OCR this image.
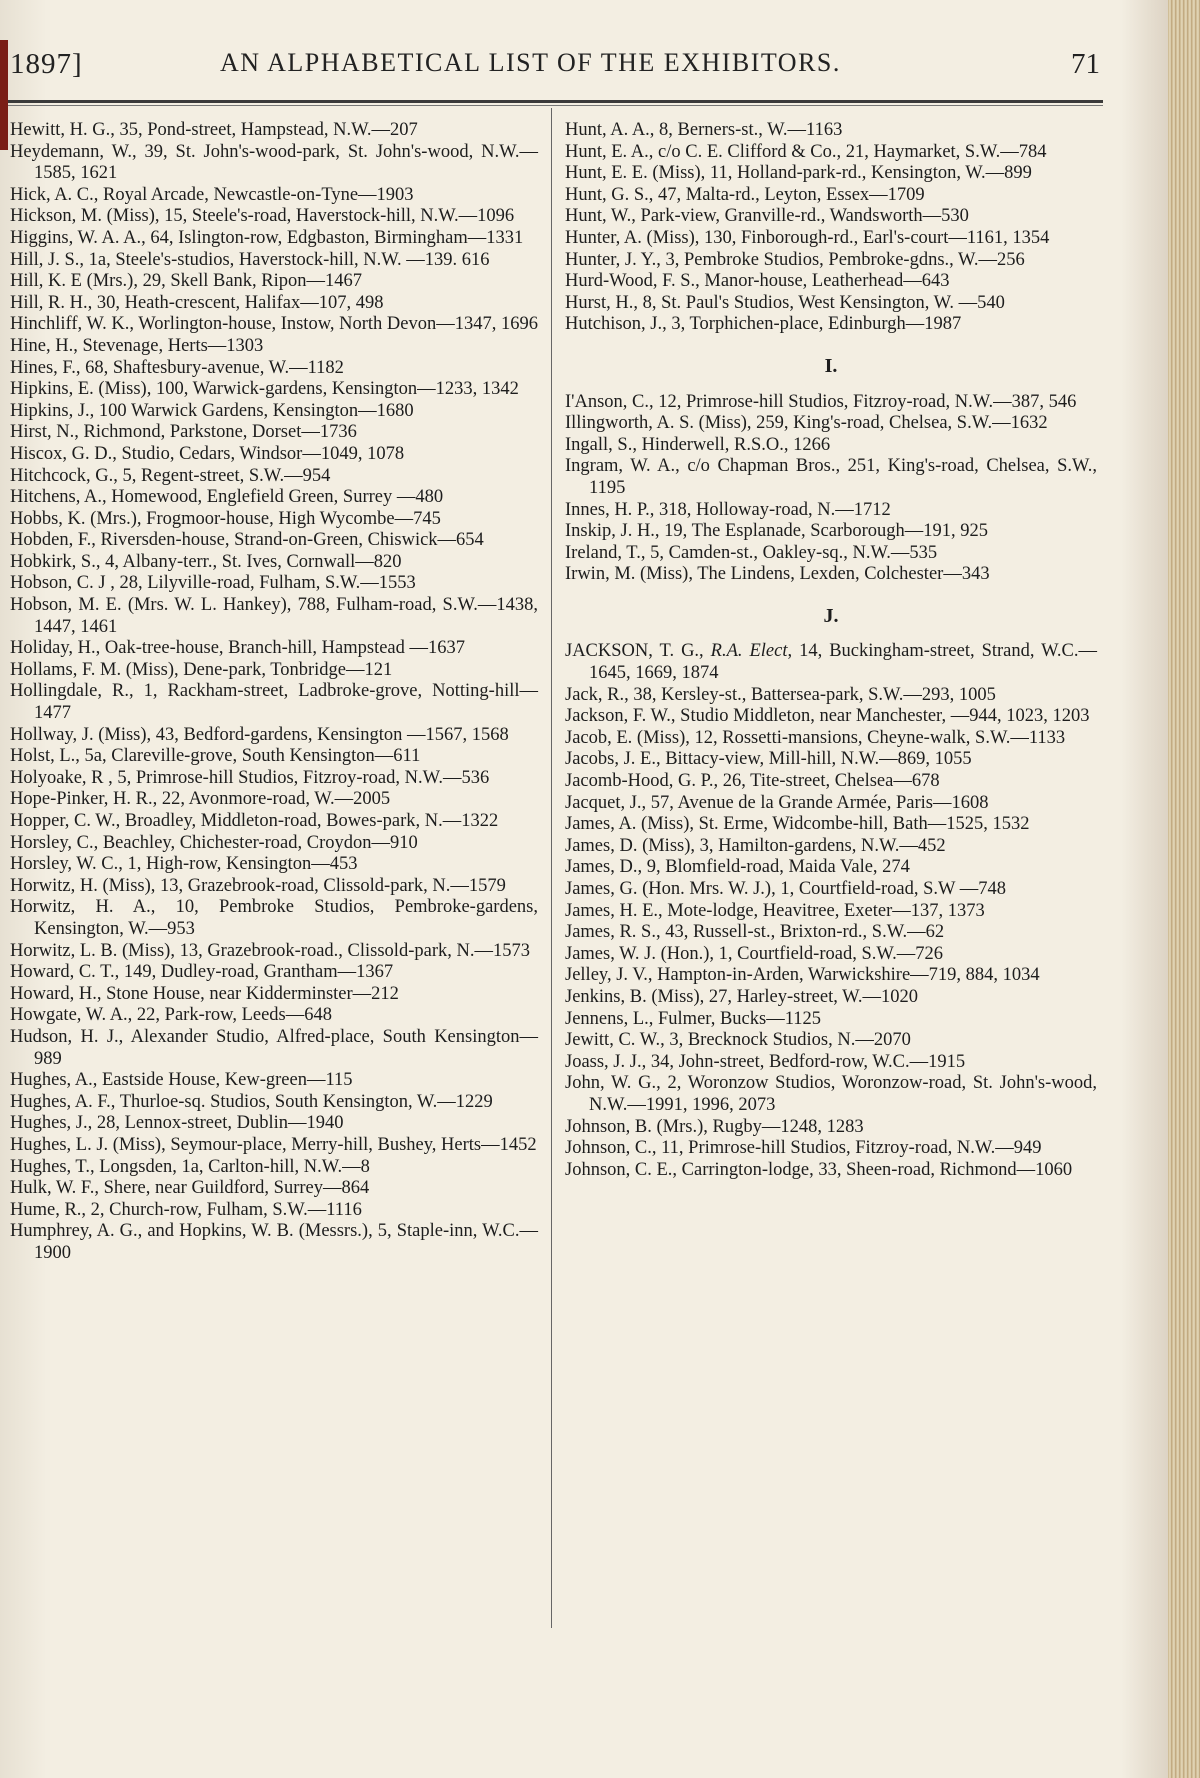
1897]	AN ALPHABETICAL LIST OF THE EXHIBITORS.	71

Hewitt, H. G., 35, Pond-street, Hampstead, N.W.—207

Heydemann, W., 39, St. John's-wood-park, St. John's-wood, N.W.—1585, 1621

Hick, A. C., Royal Arcade, Newcastle-on-Tyne—1903

Hickson, M. (Miss), 15, Steele's-road, Haverstock-hill, N.W.—1096

Higgins, W. A. A., 64, Islington-row, Edgbaston, Birmingham—1331

Hill, J. S., 1a, Steele's-studios, Haverstock-hill, N.W. —139. 616

Hill, K. E (Mrs.), 29, Skell Bank, Ripon—1467

Hill, R. H., 30, Heath-crescent, Halifax—107, 498

Hinchliff, W. K., Worlington-house, Instow, North Devon—1347, 1696

Hine, H., Stevenage, Herts—1303

Hines, F., 68, Shaftesbury-avenue, W.—1182

Hipkins, E. (Miss), 100, Warwick-gardens, Kensington—1233, 1342

Hipkins, J., 100 Warwick Gardens, Kensington—1680

Hirst, N., Richmond, Parkstone, Dorset—1736

Hiscox, G. D., Studio, Cedars, Windsor—1049, 1078

Hitchcock, G., 5, Regent-street, S.W.—954

Hitchens, A., Homewood, Englefield Green, Surrey —480

Hobbs, K. (Mrs.), Frogmoor-house, High Wycombe—745

Hobden, F., Riversden-house, Strand-on-Green, Chiswick—654

Hobkirk, S., 4, Albany-terr., St. Ives, Cornwall—820

Hobson, C. J , 28, Lilyville-road, Fulham, S.W.—1553

Hobson, M. E. (Mrs. W. L. Hankey), 788, Fulham-road, S.W.—1438, 1447, 1461

Holiday, H., Oak-tree-house, Branch-hill, Hampstead —1637

Hollams, F. M. (Miss), Dene-park, Tonbridge—121

Hollingdale, R., 1, Rackham-street, Ladbroke-grove, Notting-hill—1477

Hollway, J. (Miss), 43, Bedford-gardens, Kensington —1567, 1568

Holst, L., 5a, Clareville-grove, South Kensington—611

Holyoake, R , 5, Primrose-hill Studios, Fitzroy-road, N.W.—536

Hope-Pinker, H. R., 22, Avonmore-road, W.—2005

Hopper, C. W., Broadley, Middleton-road, Bowes-park, N.—1322

Horsley, C., Beachley, Chichester-road, Croydon—910

Horsley, W. C., 1, High-row, Kensington—453

Horwitz, H. (Miss), 13, Grazebrook-road, Clissold-park, N.—1579

Horwitz, H. A., 10, Pembroke Studios, Pembroke-gardens, Kensington, W.—953

Horwitz, L. B. (Miss), 13, Grazebrook-road., Clissold-park, N.—1573

Howard, C. T., 149, Dudley-road, Grantham—1367

Howard, H., Stone House, near Kidderminster—212

Howgate, W. A., 22, Park-row, Leeds—648

Hudson, H. J., Alexander Studio, Alfred-place, South Kensington—989

Hughes, A., Eastside House, Kew-green—115

Hughes, A. F., Thurloe-sq. Studios, South Kensington, W.—1229

Hughes, J., 28, Lennox-street, Dublin—1940

Hughes, L. J. (Miss), Seymour-place, Merry-hill, Bushey, Herts—1452

Hughes, T., Longsden, 1a, Carlton-hill, N.W.—8

Hulk, W. F., Shere, near Guildford, Surrey—864

Hume, R., 2, Church-row, Fulham, S.W.—1116

Humphrey, A. G., and Hopkins, W. B. (Messrs.), 5, Staple-inn, W.C.—1900

Hunt, A. A., 8, Berners-st., W.—1163

Hunt, E. A., c/o C. E. Clifford & Co., 21, Haymarket, S.W.—784

Hunt, E. E. (Miss), 11, Holland-park-rd., Kensington, W.—899

Hunt, G. S., 47, Malta-rd., Leyton, Essex—1709

Hunt, W., Park-view, Granville-rd., Wandsworth—530

Hunter, A. (Miss), 130, Finborough-rd., Earl's-court—1161, 1354

Hunter, J. Y., 3, Pembroke Studios, Pembroke-gdns., W.—256

Hurd-Wood, F. S., Manor-house, Leatherhead—643

Hurst, H., 8, St. Paul's Studios, West Kensington, W. —540

Hutchison, J., 3, Torphichen-place, Edinburgh—1987

I.

I'Anson, C., 12, Primrose-hill Studios, Fitzroy-road, N.W.—387, 546

Illingworth, A. S. (Miss), 259, King's-road, Chelsea, S.W.—1632

Ingall, S., Hinderwell, R.S.O., 1266

Ingram, W. A., c/o Chapman Bros., 251, King's-road, Chelsea, S.W., 1195

Innes, H. P., 318, Holloway-road, N.—1712

Inskip, J. H., 19, The Esplanade, Scarborough—191, 925

Ireland, T., 5, Camden-st., Oakley-sq., N.W.—535

Irwin, M. (Miss), The Lindens, Lexden, Colchester—343

J.

JACKSON, T. G., R.A. Elect, 14, Buckingham-street, Strand, W.C.—1645, 1669, 1874

Jack, R., 38, Kersley-st., Battersea-park, S.W.—293, 1005

Jackson, F. W., Studio Middleton, near Manchester, —944, 1023, 1203

Jacob, E. (Miss), 12, Rossetti-mansions, Cheyne-walk, S.W.—1133

Jacobs, J. E., Bittacy-view, Mill-hill, N.W.—869, 1055

Jacomb-Hood, G. P., 26, Tite-street, Chelsea—678

Jacquet, J., 57, Avenue de la Grande Armée, Paris—1608

James, A. (Miss), St. Erme, Widcombe-hill, Bath—1525, 1532

James, D. (Miss), 3, Hamilton-gardens, N.W.—452

James, D., 9, Blomfield-road, Maida Vale, 274

James, G. (Hon. Mrs. W. J.), 1, Courtfield-road, S.W —748

James, H. E., Mote-lodge, Heavitree, Exeter—137, 1373

James, R. S., 43, Russell-st., Brixton-rd., S.W.—62

James, W. J. (Hon.), 1, Courtfield-road, S.W.—726

Jelley, J. V., Hampton-in-Arden, Warwickshire—719, 884, 1034

Jenkins, B. (Miss), 27, Harley-street, W.—1020

Jennens, L., Fulmer, Bucks—1125

Jewitt, C. W., 3, Brecknock Studios, N.—2070

Joass, J. J., 34, John-street, Bedford-row, W.C.—1915

John, W. G., 2, Woronzow Studios, Woronzow-road, St. John's-wood, N.W.—1991, 1996, 2073

Johnson, B. (Mrs.), Rugby—1248, 1283

Johnson, C., 11, Primrose-hill Studios, Fitzroy-road, N.W.—949

Johnson, C. E., Carrington-lodge, 33, Sheen-road, Richmond—1060
